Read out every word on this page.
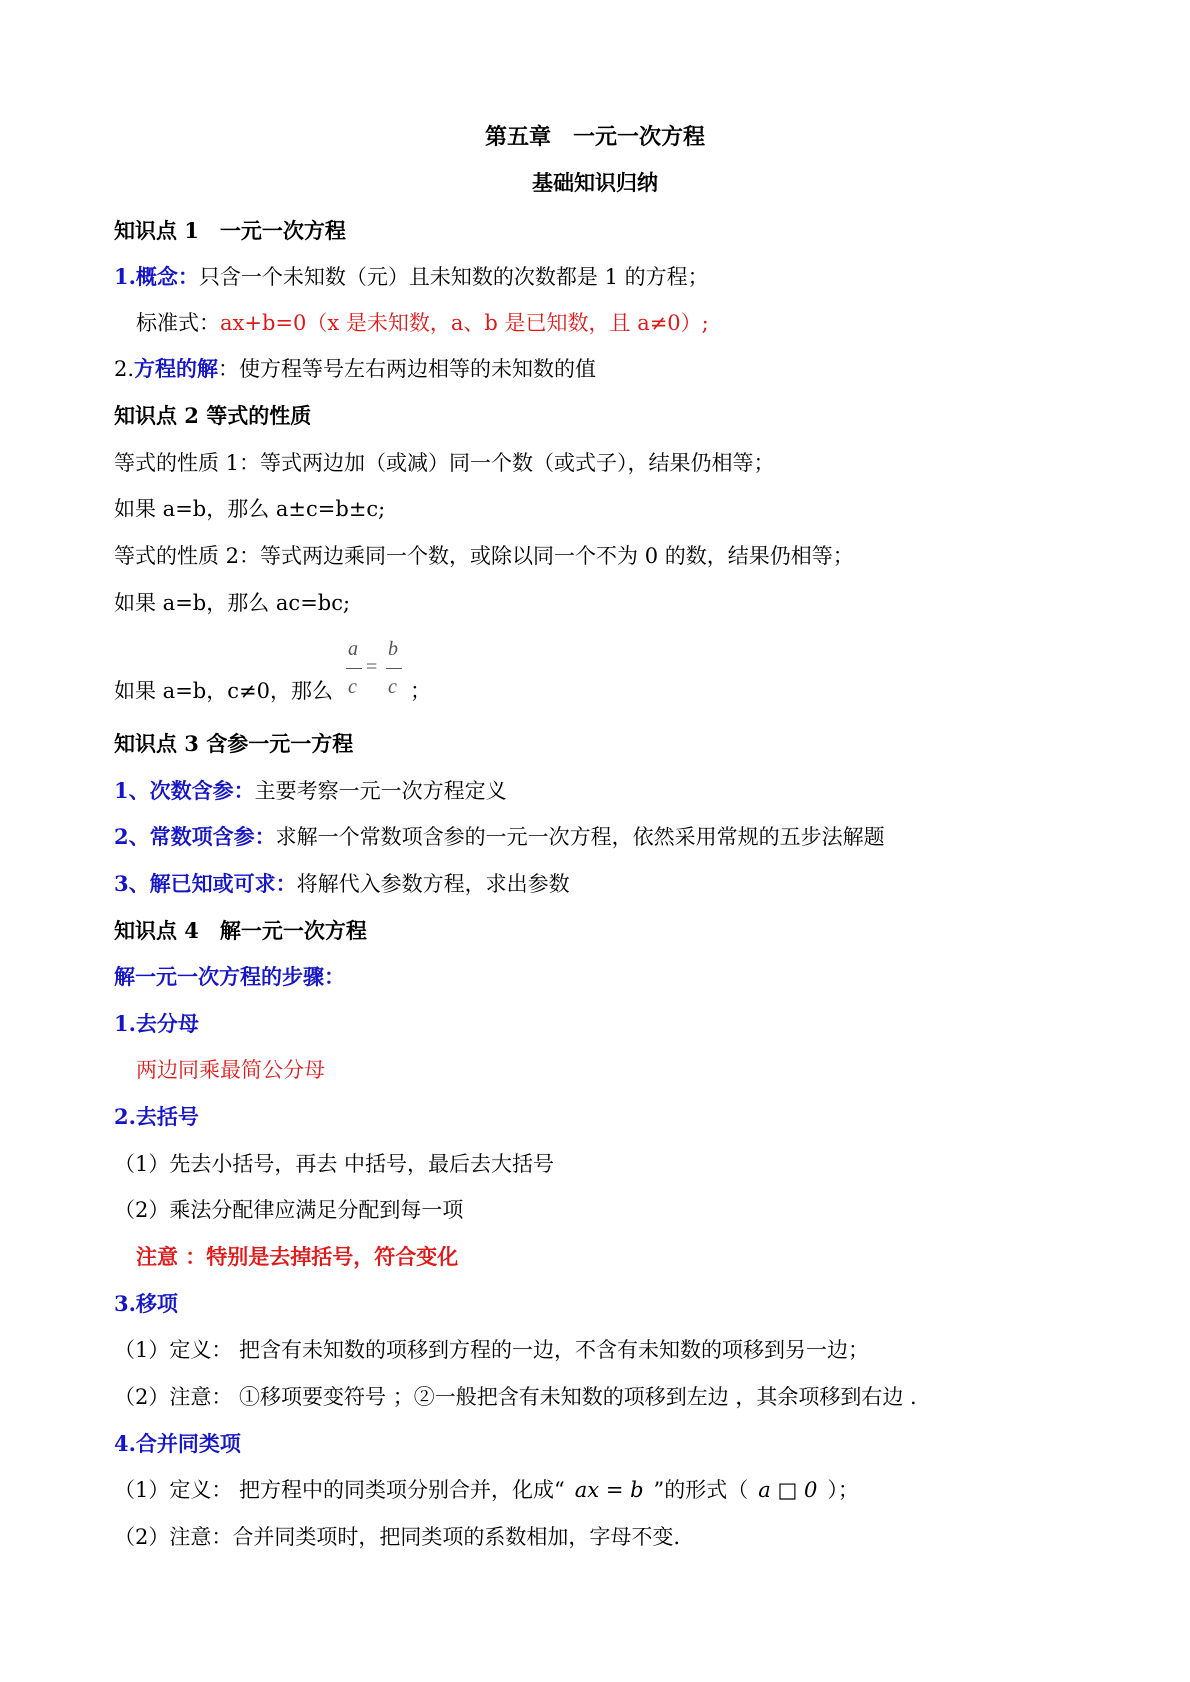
第五章　一元一次方程
基础知识归纳
知识点 1　一元一次方程
1.概念：只含一个未知数（元）且未知数的次数都是 1 的方程；
标准式：ax+b=0（x 是未知数，a、b 是已知数，且 a≠0）;
2.方程的解：使方程等号左右两边相等的未知数的值
知识点 2 等式的性质
等式的性质 1：等式两边加（或减）同一个数（或式子），结果仍相等；
如果 a=b，那么 a±c=b±c;
等式的性质 2：等式两边乘同一个数，或除以同一个不为 0 的数，结果仍相等；
如果 a=b，那么 ac=bc;
如果 a=b，c≠0，那么
a
c
=
b
c ；
知识点 3 含参一元一方程
1、次数含参：主要考察一元一次方程定义
2、常数项含参：求解一个常数项含参的一元一次方程，依然采用常规的五步法解题
3、解已知或可求：将解代入参数方程，求出参数
知识点 4　解一元一次方程
解一元一次方程的步骤：
1.去分母
两边同乘最简公分母
2.去括号
（1）先去小括号，再去 中括号，最后去大括号
（2）乘法分配律应满足分配到每一项
注意 ：特别是去掉括号，符合变化
3.移项
（1）定义： 把含有未知数的项移到方程的一边，不含有未知数的项移到另一边；
（2）注意： ①移项要变符号 ；②一般把含有未知数的项移到左边 ，其余项移到右边 .
4.合并同类项
（1）定义： 把方程中的同类项分别合并，化成“ ax = b ”的形式（ a □ 0 ）；
（2）注意：合并同类项时，把同类项的系数相加，字母不变.
